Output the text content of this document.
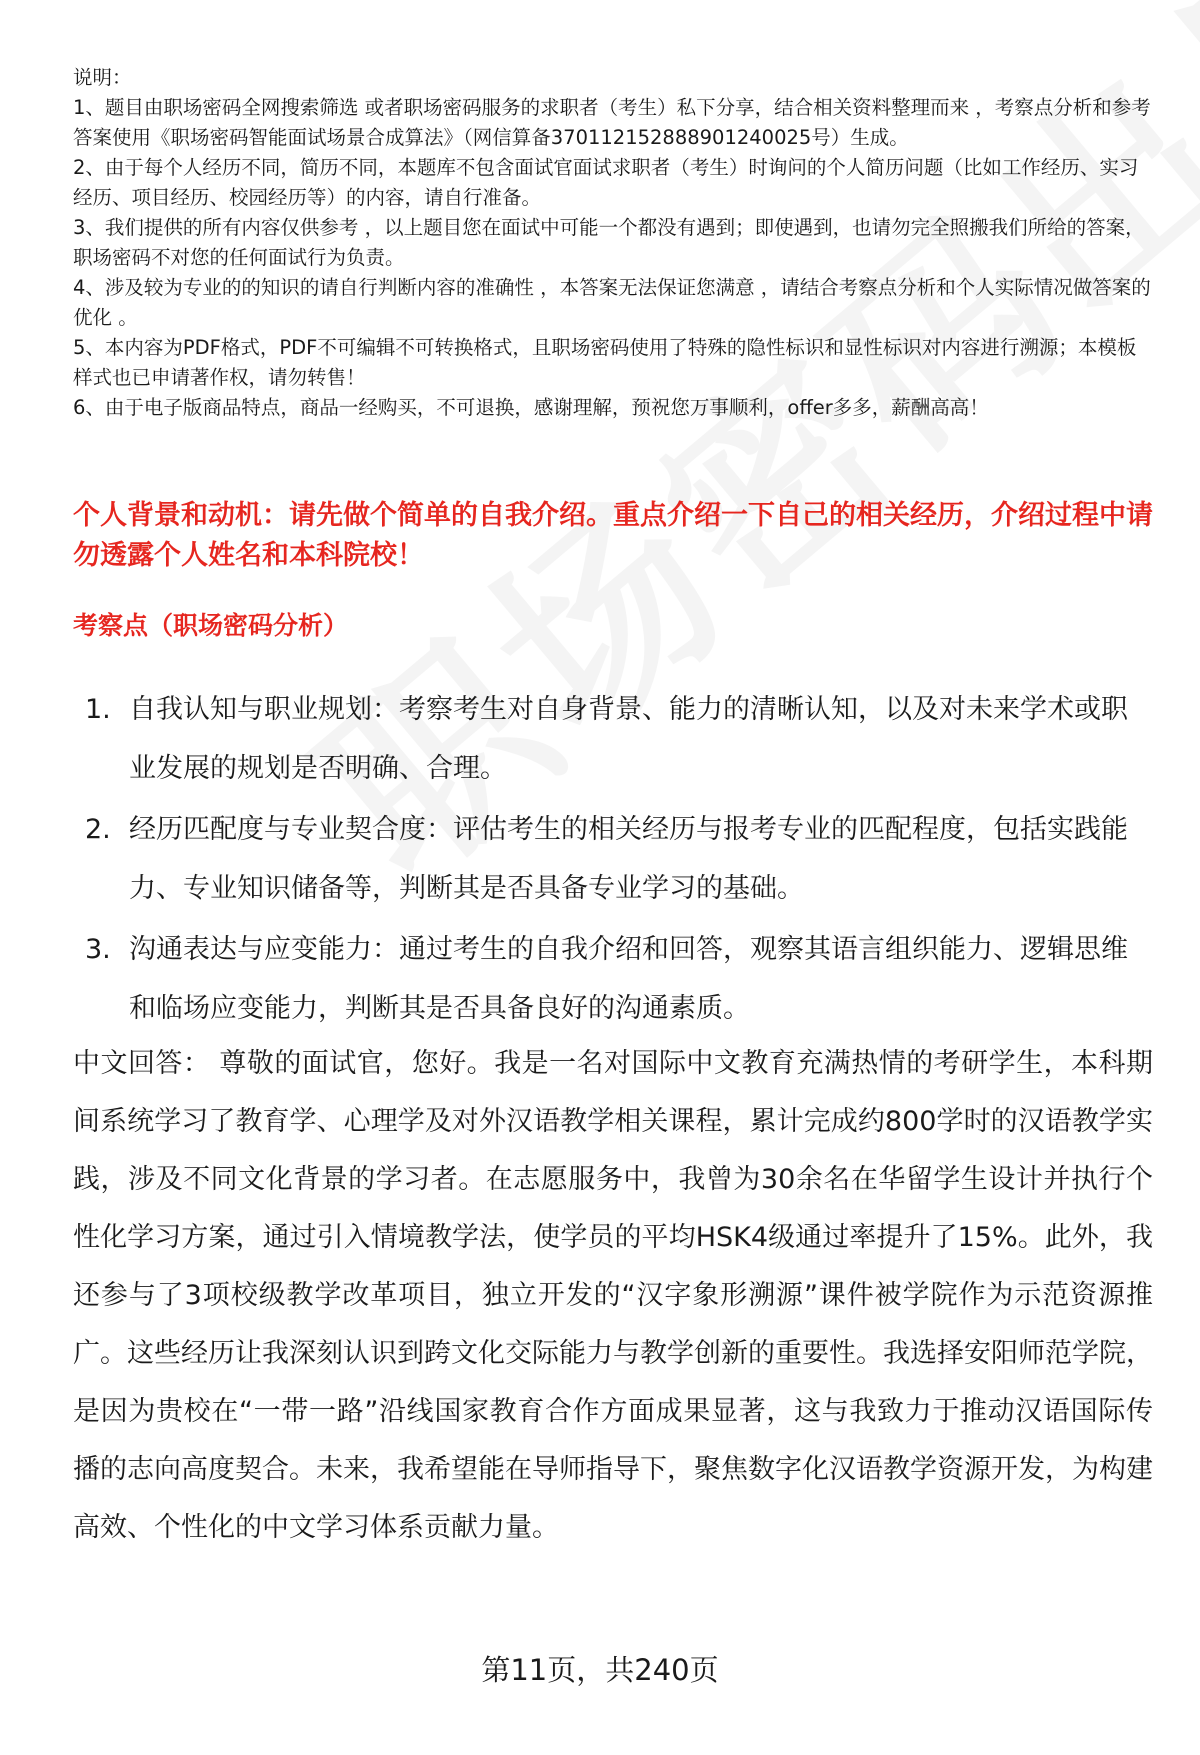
说明：

1、题目由职场密码全网搜索筛选 或者职场密码服务的求职者（考生）私下分享，结合相关资料整理而来 ，考察点分析和参考答案使用《职场密码智能面试场景合成算法》（网信算备370112152888901240025号）生成。

2、由于每个人经历不同，简历不同，本题库不包含面试官面试求职者（考生）时询问的个人简历问题（比如工作经历、实习经历、项目经历、校园经历等）的内容，请自行准备。

3、我们提供的所有内容仅供参考 ，以上题目您在面试中可能一个都没有遇到；即使遇到，也请勿完全照搬我们所给的答案，职场密码不对您的任何面试行为负责。

4、涉及较为专业的的知识的请自行判断内容的准确性 ，本答案无法保证您满意 ，请结合考察点分析和个人实际情况做答案的优化 。

5、本内容为PDF格式，PDF不可编辑不可转换格式，且职场密码使用了特殊的隐性标识和显性标识对内容进行溯源；本模板样式也已申请著作权，请勿转售！

6、由于电子版商品特点，商品一经购买，不可退换，感谢理解，预祝您万事顺利，offer多多，薪酬高高！

个人背景和动机：请先做个简单的自我介绍。重点介绍一下自己的相关经历，介绍过程中请勿透露个人姓名和本科院校！
考察点（职场密码分析）
1. 自我认知与职业规划：考察考生对自身背景、能力的清晰认知，以及对未来学术或职业发展的规划是否明确、合理。
2. 经历匹配度与专业契合度：评估考生的相关经历与报考专业的匹配程度，包括实践能力、专业知识储备等，判断其是否具备专业学习的基础。
3. 沟通表达与应变能力：通过考生的自我介绍和回答，观察其语言组织能力、逻辑思维和临场应变能力，判断其是否具备良好的沟通素质。
中文回答： 尊敬的面试官，您好。我是一名对国际中文教育充满热情的考研学生，本科期间系统学习了教育学、心理学及对外汉语教学相关课程，累计完成约800学时的汉语教学实践，涉及不同文化背景的学习者。在志愿服务中，我曾为30余名在华留学生设计并执行个性化学习方案，通过引入情境教学法，使学员的平均HSK4级通过率提升了15%。此外，我还参与了3项校级教学改革项目，独立开发的“汉字象形溯源”课件被学院作为示范资源推广。这些经历让我深刻认识到跨文化交际能力与教学创新的重要性。我选择安阳师范学院，是因为贵校在“一带一路”沿线国家教育合作方面成果显著，这与我致力于推动汉语国际传播的志向高度契合。未来，我希望能在导师指导下，聚焦数字化汉语教学资源开发，为构建高效、个性化的中文学习体系贡献力量。
第11页，共240页
